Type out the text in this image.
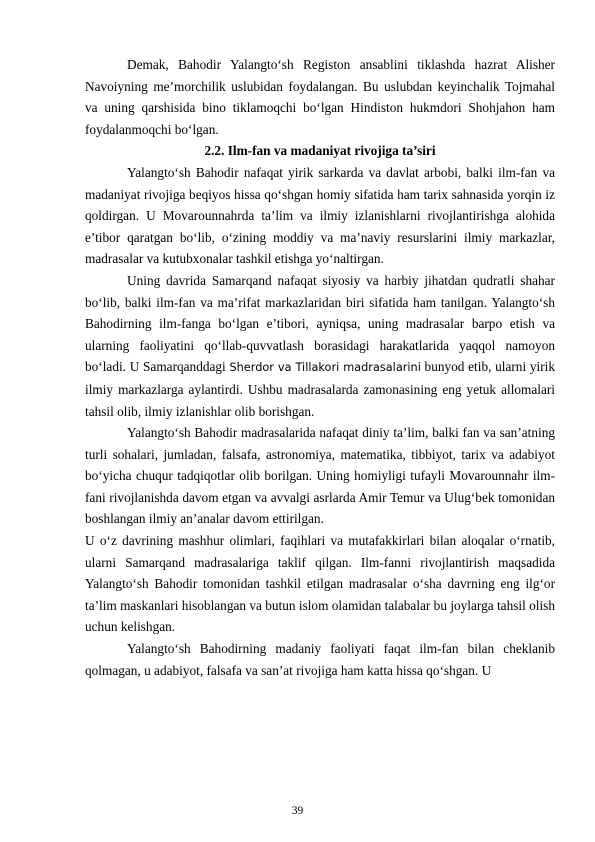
Demak, Bahodir Yalangto‘sh Registon ansablini tiklashda hazrat Alisher Navoiyning me’morchilik uslubidan foydalangan. Bu uslubdan keyinchalik Tojmahal va uning qarshisida bino tiklamoqchi bo‘lgan Hindiston hukmdori Shohjahon ham foydalanmoqchi bo‘lgan.

2.2. Ilm-fan va madaniyat rivojiga ta’siri

Yalangto‘sh Bahodir nafaqat yirik sarkarda va davlat arbobi, balki ilm-fan va madaniyat rivojiga beqiyos hissa qo‘shgan homiy sifatida ham tarix sahnasida yorqin iz qoldirgan. U Movarounnahrda ta’lim va ilmiy izlanishlarni rivojlantirishga alohida e’tibor qaratgan bo‘lib, o‘zining moddiy va ma’naviy resurslarini ilmiy markazlar, madrasalar va kutubxonalar tashkil etishga yo‘naltirgan.

Uning davrida Samarqand nafaqat siyosiy va harbiy jihatdan qudratli shahar bo‘lib, balki ilm-fan va ma’rifat markazlaridan biri sifatida ham tanilgan. Yalangto‘sh Bahodirning ilm-fanga bo‘lgan e’tibori, ayniqsa, uning madrasalar barpo etish va ularning faoliyatini qo‘llab-quvvatlash borasidagi harakatlarida yaqqol namoyon bo‘ladi. U Samarqanddagi Sherdor va Tillakori madrasalarini bunyod etib, ularni yirik ilmiy markazlarga aylantirdi. Ushbu madrasalarda zamonasining eng yetuk allomalari tahsil olib, ilmiy izlanishlar olib borishgan.

Yalangto‘sh Bahodir madrasalarida nafaqat diniy ta’lim, balki fan va san’atning turli sohalari, jumladan, falsafa, astronomiya, matematika, tibbiyot, tarix va adabiyot bo‘yicha chuqur tadqiqotlar olib borilgan. Uning homiyligi tufayli Movarounnahr ilm-fani rivojlanishda davom etgan va avvalgi asrlarda Amir Temur va Ulug‘bek tomonidan boshlangan ilmiy an’analar davom ettirilgan.

U o‘z davrining mashhur olimlari, faqihlari va mutafakkirlari bilan aloqalar o‘rnatib, ularni Samarqand madrasalariga taklif qilgan. Ilm-fanni rivojlantirish maqsadida Yalangto‘sh Bahodir tomonidan tashkil etilgan madrasalar o‘sha davrning eng ilg‘or ta’lim maskanlari hisoblangan va butun islom olamidan talabalar bu joylarga tahsil olish uchun kelishgan.

Yalangto‘sh Bahodirning madaniy faoliyati faqat ilm-fan bilan cheklanib qolmagan, u adabiyot, falsafa va san’at rivojiga ham katta hissa qo‘shgan. U

39
